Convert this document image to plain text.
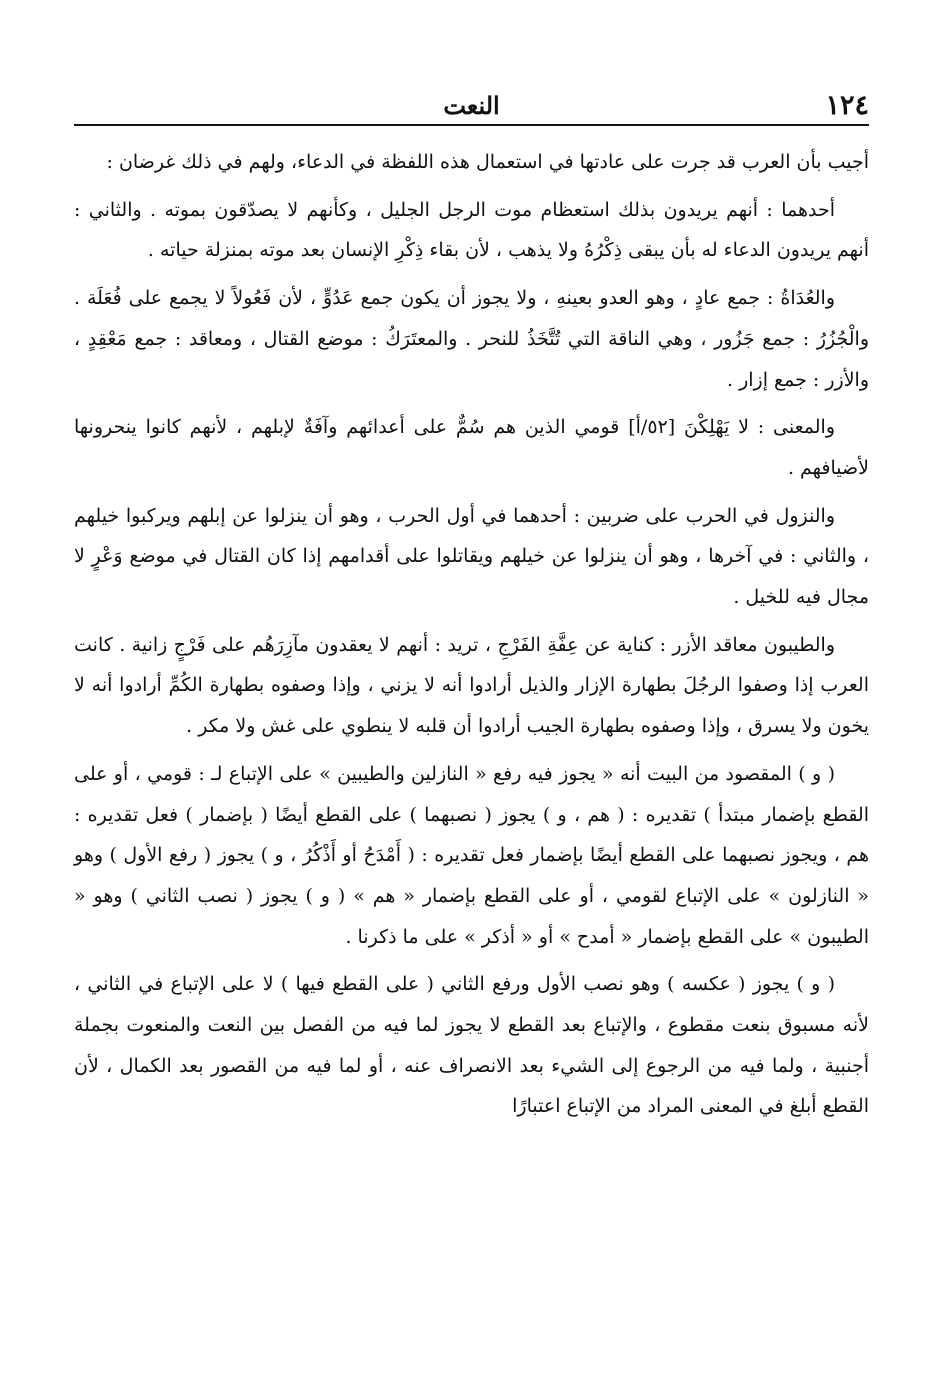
١٢٤
النعت

أجيب بأن العرب قد جرت على عادتها في استعمال هذه اللفظة في الدعاء، ولهم في ذلك غرضان :

أحدهما : أنهم يريدون بذلك استعظام موت الرجل الجليل ، وكأنهم لا يصدّقون بموته . والثاني : أنهم يريدون الدعاء له بأن يبقى ذِكْرُهُ ولا يذهب ، لأن بقاء ذِكْرِ الإنسان بعد موته بمنزلة حياته .

والعُدَاةُ : جمع عادٍ ، وهو العدو بعينهِ ، ولا يجوز أن يكون جمع عَدُوٍّ ، لأن فَعُولاً لا يجمع على فُعَلَة . والْجُزُرُ : جمع جَزُور ، وهي الناقة التي تُتَّخَذُ للنحر . والمعتَرَكُ : موضع القتال ، ومعاقد : جمع مَعْقِدٍ ، والأزر : جمع إزار .

والمعنى : لا يَهْلِكْنَ [٥٢/أ] قومي الذين هم سُمٌّ على أعدائهم وآفَةٌ لإبلهم ، لأنهم كانوا ينحرونها لأضيافهم .

والنزول في الحرب على ضربين : أحدهما في أول الحرب ، وهو أن ينزلوا عن إبلهم ويركبوا خيلهم ، والثاني : في آخرها ، وهو أن ينزلوا عن خيلهم ويقاتلوا على أقدامهم إذا كان القتال في موضع وَعْرٍ لا مجال فيه للخيل .

والطيبون معاقد الأزر : كناية عن عِفَّةِ الفَرْجِ ، تريد : أنهم لا يعقدون مآزِرَهُم على فَرْجٍ زانية . كانت العرب إذا وصفوا الرجُلَ بطهارة الإزار والذيل أرادوا أنه لا يزني ، وإذا وصفوه بطهارة الكُمِّ أرادوا أنه لا يخون ولا يسرق ، وإذا وصفوه بطهارة الجيب أرادوا أن قلبه لا ينطوي على غش ولا مكر .

( و ) المقصود من البيت أنه « يجوز فيه رفع « النازلين والطيبين » على الإتباع لـ : قومي ، أو على القطع بإضمار مبتدأ ) تقديره : ( هم ، و ) يجوز ( نصبهما ) على القطع أيضًا ( بإضمار ) فعل تقديره : هم ، ويجوز نصبهما على القطع أيضًا بإضمار فعل تقديره : ( أَمْدَحُ أو أَذْكُرُ ، و ) يجوز ( رفع الأول ) وهو « النازلون » على الإتباع لقومي ، أو على القطع بإضمار « هم » ( و ) يجوز ( نصب الثاني ) وهو « الطيبون » على القطع بإضمار « أمدح » أو « أذكر » على ما ذكرنا .

( و ) يجوز ( عكسه ) وهو نصب الأول ورفع الثاني ( على القطع فيها ) لا على الإتباع في الثاني ، لأنه مسبوق بنعت مقطوع ، والإتباع بعد القطع لا يجوز لما فيه من الفصل بين النعت والمنعوت بجملة أجنبية ، ولما فيه من الرجوع إلى الشيء بعد الانصراف عنه ، أو لما فيه من القصور بعد الكمال ، لأن القطع أبلغ في المعنى المراد من الإتباع اعتبارًا
